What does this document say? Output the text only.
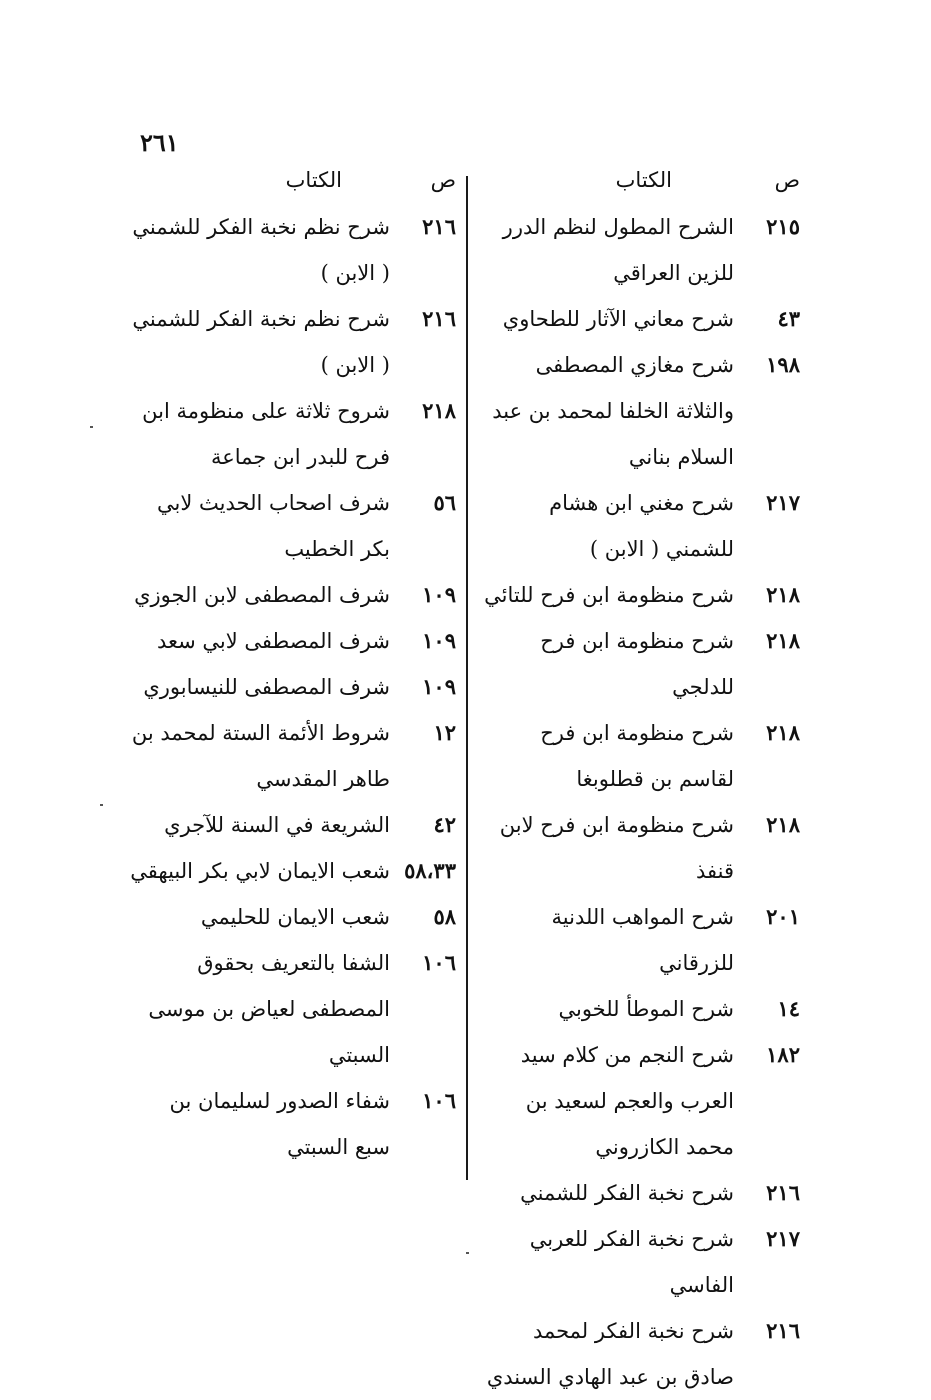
٢٦١
ص
الكتاب
٢١٥
الشرح المطول لنظم الدرر للزين العراقي
٤٣
شرح معاني الآثار للطحاوي
١٩٨
شرح مغازي المصطفى والثلاثة الخلفا لمحمد بن عبد السلام بناني
٢١٧
شرح مغني ابن هشام للشمني ( الابن )
٢١٨
شرح منظومة ابن فرح للتائي
٢١٨
شرح منظومة ابن فرح للدلجي
٢١٨
شرح منظومة ابن فرح لقاسم بن قطلوبغا
٢١٨
شرح منظومة ابن فرح لابن قنفذ
٢٠١
شرح المواهب اللدنية للزرقاني
١٤
شرح الموطأ للخوبي
١٨٢
شرح النجم من كلام سيد العرب والعجم لسعيد بن محمد الكازروني
٢١٦
شرح نخبة الفكر للشمني
٢١٧
شرح نخبة الفكر للعربي الفاسي
٢١٦
شرح نخبة الفكر لمحمد صادق بن عبد الهادي السندي
ص
الكتاب
٢١٦
شرح نظم نخبة الفكر للشمني ( الابن )
٢١٦
شرح نظم نخبة الفكر للشمني ( الابن )
٢١٨
شروح ثلاثة على منظومة ابن فرح للبدر ابن جماعة
٥٦
شرف اصحاب الحديث لابي بكر الخطيب
١٠٩
شرف المصطفى لابن الجوزي
١٠٩
شرف المصطفى لابي سعد
١٠٩
شرف المصطفى للنيسابوري
١٢
شروط الأئمة الستة لمحمد بن طاهر المقدسي
٤٢
الشريعة في السنة للآجري
٥٨،٣٣
شعب الايمان لابي بكر البيهقي
٥٨
شعب الايمان للحليمي
١٠٦
الشفا بالتعريف بحقوق المصطفى لعياض بن موسى السبتي
١٠٦
شفاء الصدور لسليمان بن سبع السبتي
